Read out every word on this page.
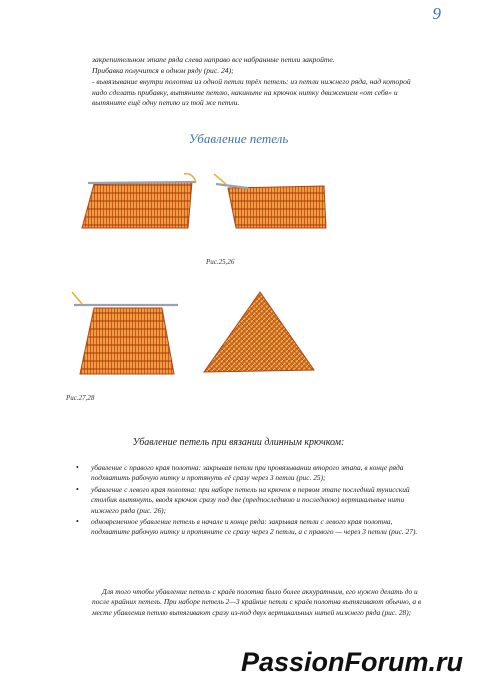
9
закрепительном этапе ряда слева направо все набранные петли закройте.
Прибавка получится в одном ряду (рис. 24);
- вывязывание внутри полотна из одной петли трёх петель: из петли нижнего ряда, над которой надо сделать прибавку, вытяните петлю, накиньте на крючок нитку движением «от себя» и вытяните ещё одну петлю из той же петли.
Убавление петель
Рис.25,26
Рис.27,28
Убавление петель при вязании длинным крючком:
• убавление с правого края полотна: закрывая петли при провязывании второго этапа, в конце ряда подхватить рабочую нитку и протянуть её сразу через 3 петли (рис. 25);
• убавление с левого края полотна: при наборе петель на крючок в первом этапе последний тунисский столбик вытянуть, вводя крючок сразу под две (предпоследнюю и последнюю) вертикальные нити нижнего ряда (рис. 26);
• одновременное убавление петель в начале и конце ряда: закрывая петли с левого края полотна, подхватите рабочую нитку и протяните се сразу через 2 петли, а с правого — через 3 петли (рис. 27).
Для того чтобы убавление петель с краёв полотна было более аккуратным, его нужно делать до и после крайних петель. При наборе петель 2—3 крайние петли с краёв полотна вытягивают обычно, а в месте убавления петлю вытягивают сразу из-под двух вертикальных нитей нижнего ряда (рис. 28);
PassionForum.ru
